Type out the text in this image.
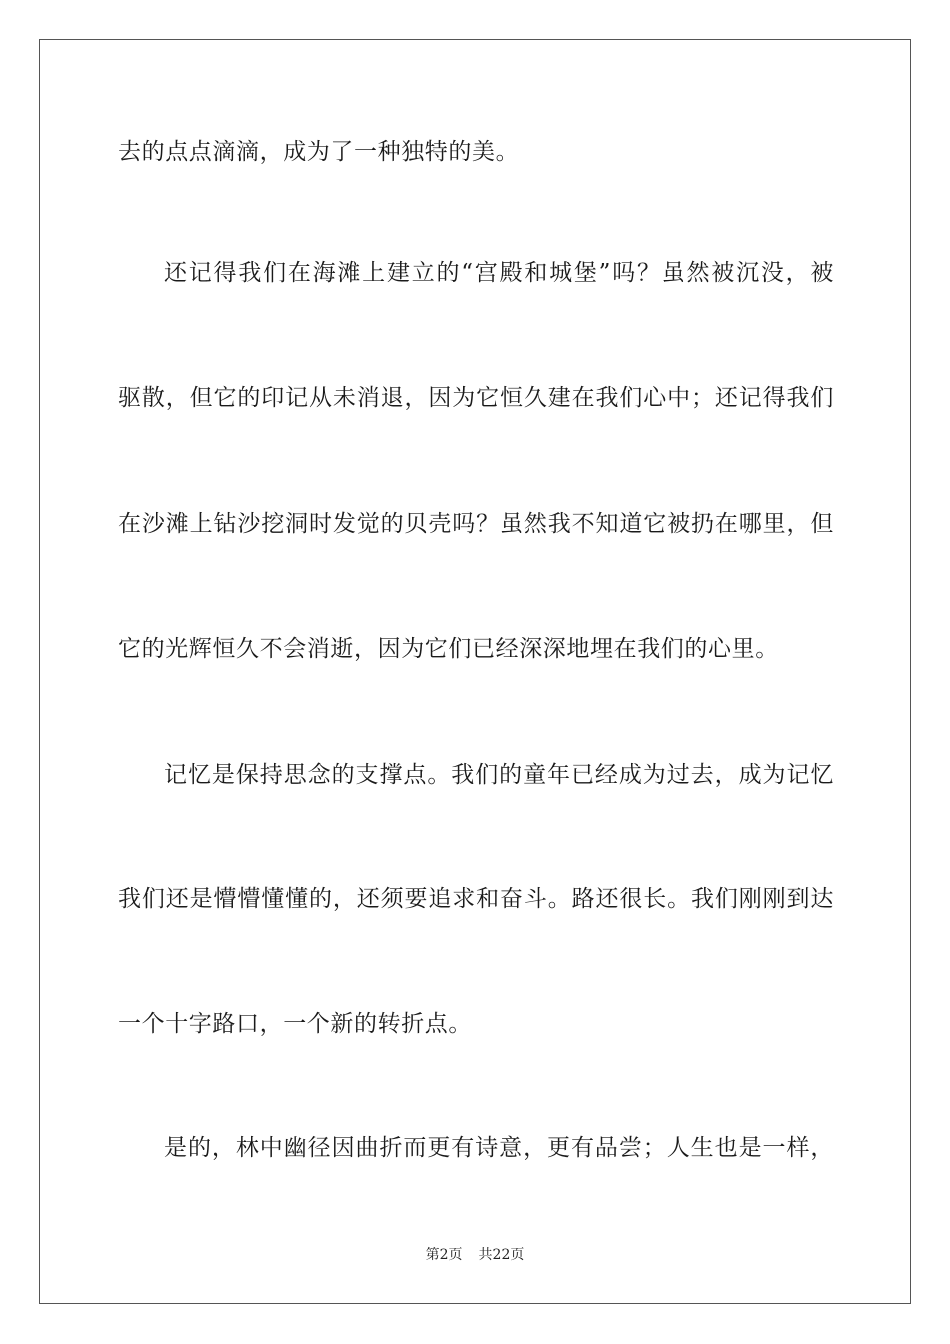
去的点点滴滴，成为了一种独特的美。
还记得我们在海滩上建立的“宫殿和城堡”吗？虽然被沉没，被
驱散，但它的印记从未消退，因为它恒久建在我们心中；还记得我们
在沙滩上钻沙挖洞时发觉的贝壳吗？虽然我不知道它被扔在哪里，但
它的光辉恒久不会消逝，因为它们已经深深地埋在我们的心里。
记忆是保持思念的支撑点。我们的童年已经成为过去，成为记忆
我们还是懵懵懂懂的，还须要追求和奋斗。路还很长。我们刚刚到达
一个十字路口，一个新的转折点。
是的，林中幽径因曲折而更有诗意，更有品尝；人生也是一样，
第2页 共22页
